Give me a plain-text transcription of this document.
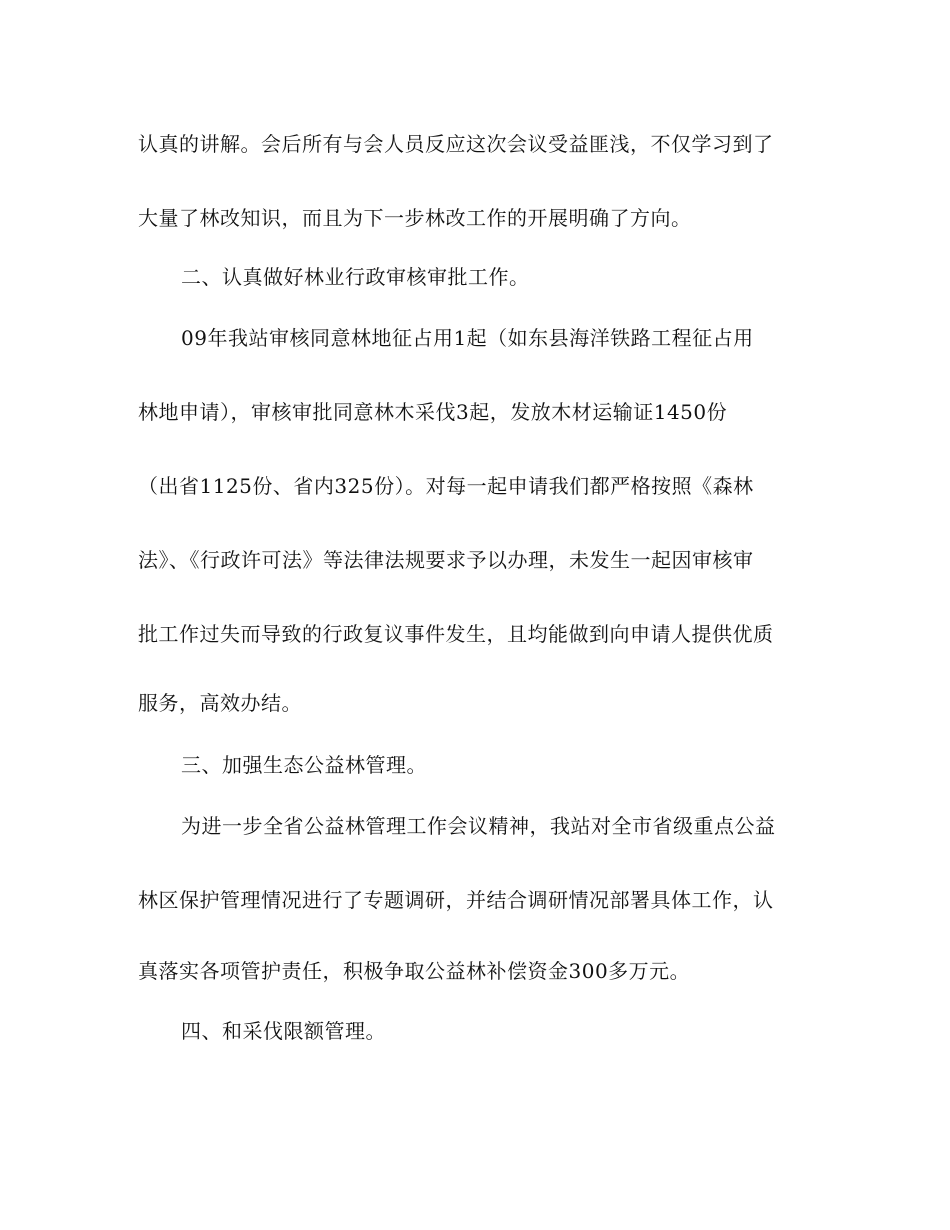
认真的讲解。会后所有与会人员反应这次会议受益匪浅，不仅学习到了
大量了林改知识，而且为下一步林改工作的开展明确了方向。
二、认真做好林业行政审核审批工作。
09年我站审核同意林地征占用1起（如东县海洋铁路工程征占用
林地申请），审核审批同意林木采伐3起，发放木材运输证1450份
（出省1125份、省内325份）。对每一起申请我们都严格按照《森林
法》、《行政许可法》等法律法规要求予以办理，未发生一起因审核审
批工作过失而导致的行政复议事件发生，且均能做到向申请人提供优质
服务，高效办结。
三、加强生态公益林管理。
为进一步全省公益林管理工作会议精神，我站对全市省级重点公益
林区保护管理情况进行了专题调研，并结合调研情况部署具体工作，认
真落实各项管护责任，积极争取公益林补偿资金300多万元。
四、和采伐限额管理。
